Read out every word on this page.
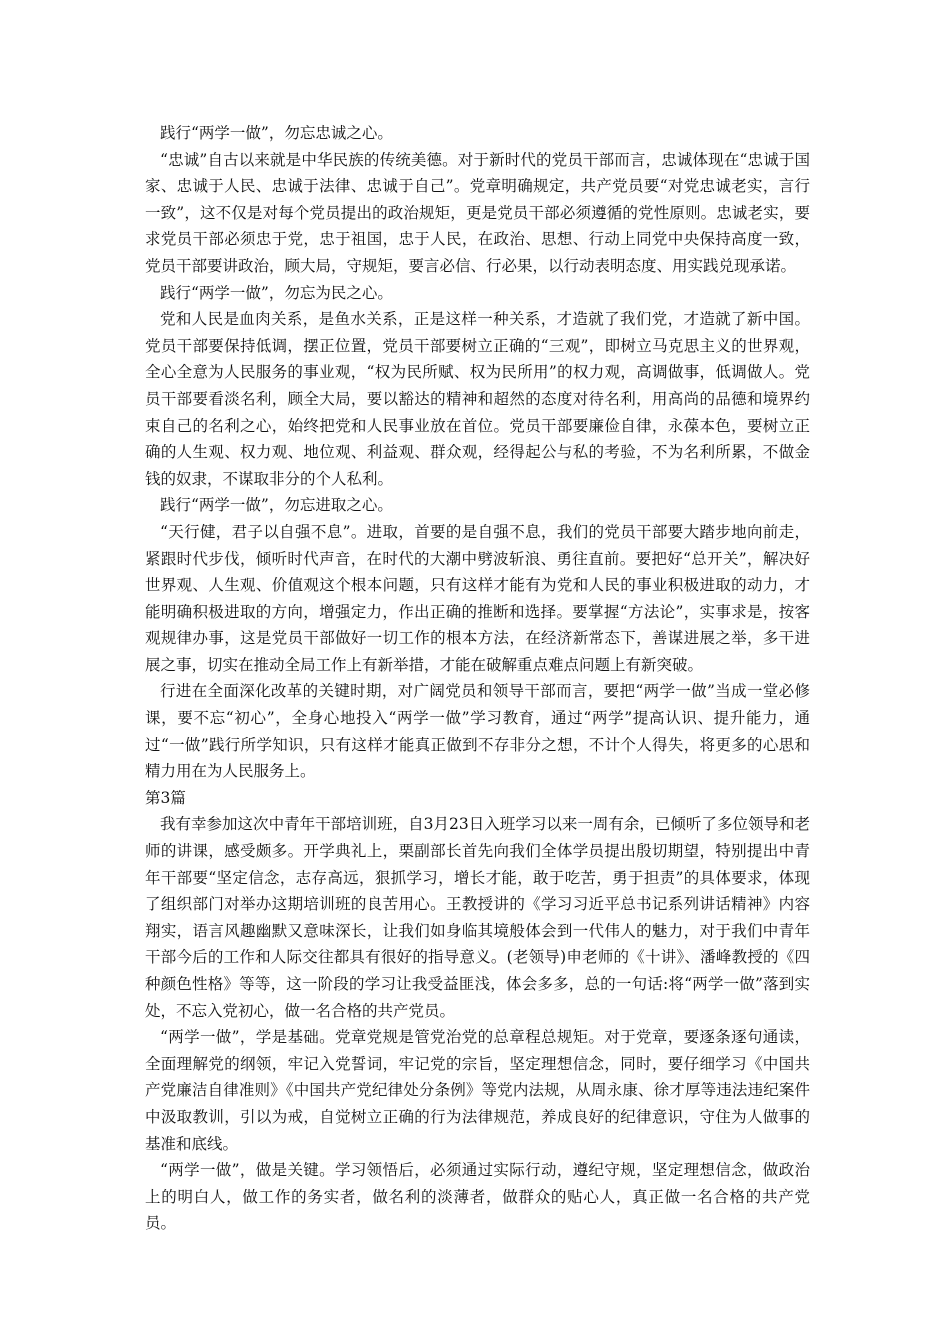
践行“两学一做”，勿忘忠诚之心。

“忠诚”自古以来就是中华民族的传统美德。对于新时代的党员干部而言，忠诚体现在“忠诚于国家、忠诚于人民、忠诚于法律、忠诚于自己”。党章明确规定，共产党员要“对党忠诚老实，言行一致”，这不仅是对每个党员提出的政治规矩，更是党员干部必须遵循的党性原则。忠诚老实，要求党员干部必须忠于党，忠于祖国，忠于人民，在政治、思想、行动上同党中央保持高度一致，党员干部要讲政治，顾大局，守规矩，要言必信、行必果，以行动表明态度、用实践兑现承诺。

践行“两学一做”，勿忘为民之心。

党和人民是血肉关系，是鱼水关系，正是这样一种关系，才造就了我们党，才造就了新中国。党员干部要保持低调，摆正位置，党员干部要树立正确的“三观”，即树立马克思主义的世界观，全心全意为人民服务的事业观，“权为民所赋、权为民所用”的权力观，高调做事，低调做人。党员干部要看淡名利，顾全大局，要以豁达的精神和超然的态度对待名利，用高尚的品德和境界约束自己的名利之心，始终把党和人民事业放在首位。党员干部要廉俭自律，永葆本色，要树立正确的人生观、权力观、地位观、利益观、群众观，经得起公与私的考验，不为名利所累，不做金钱的奴隶，不谋取非分的个人私利。

践行“两学一做”，勿忘进取之心。

“天行健，君子以自强不息”。进取，首要的是自强不息，我们的党员干部要大踏步地向前走，紧跟时代步伐，倾听时代声音，在时代的大潮中劈波斩浪、勇往直前。要把好“总开关”，解决好世界观、人生观、价值观这个根本问题，只有这样才能有为党和人民的事业积极进取的动力，才能明确积极进取的方向，增强定力，作出正确的推断和选择。要掌握“方法论”，实事求是，按客观规律办事，这是党员干部做好一切工作的根本方法，在经济新常态下，善谋进展之举，多干进展之事，切实在推动全局工作上有新举措，才能在破解重点难点问题上有新突破。

行进在全面深化改革的关键时期，对广阔党员和领导干部而言，要把“两学一做”当成一堂必修课，要不忘“初心”，全身心地投入“两学一做”学习教育，通过“两学”提高认识、提升能力，通过“一做”践行所学知识，只有这样才能真正做到不存非分之想，不计个人得失，将更多的心思和精力用在为人民服务上。

第3篇

我有幸参加这次中青年干部培训班，自3月23日入班学习以来一周有余，已倾听了多位领导和老师的讲课，感受颇多。开学典礼上，栗副部长首先向我们全体学员提出殷切期望，特别提出中青年干部要“坚定信念，志存高远，狠抓学习，增长才能，敢于吃苦，勇于担责”的具体要求，体现了组织部门对举办这期培训班的良苦用心。王教授讲的《学习习近平总书记系列讲话精神》内容翔实，语言风趣幽默又意味深长，让我们如身临其境般体会到一代伟人的魅力，对于我们中青年干部今后的工作和人际交往都具有很好的指导意义。(老领导)申老师的《十讲》、潘峰教授的《四种颜色性格》等等，这一阶段的学习让我受益匪浅，体会多多，总的一句话:将“两学一做”落到实处，不忘入党初心，做一名合格的共产党员。

“两学一做”，学是基础。党章党规是管党治党的总章程总规矩。对于党章，要逐条逐句通读，全面理解党的纲领，牢记入党誓词，牢记党的宗旨，坚定理想信念，同时，要仔细学习《中国共产党廉洁自律准则》《中国共产党纪律处分条例》等党内法规，从周永康、徐才厚等违法违纪案件中汲取教训，引以为戒，自觉树立正确的行为法律规范，养成良好的纪律意识，守住为人做事的基准和底线。

“两学一做”，做是关键。学习领悟后，必须通过实际行动，遵纪守规，坚定理想信念，做政治上的明白人，做工作的务实者，做名利的淡薄者，做群众的贴心人，真正做一名合格的共产党员。
